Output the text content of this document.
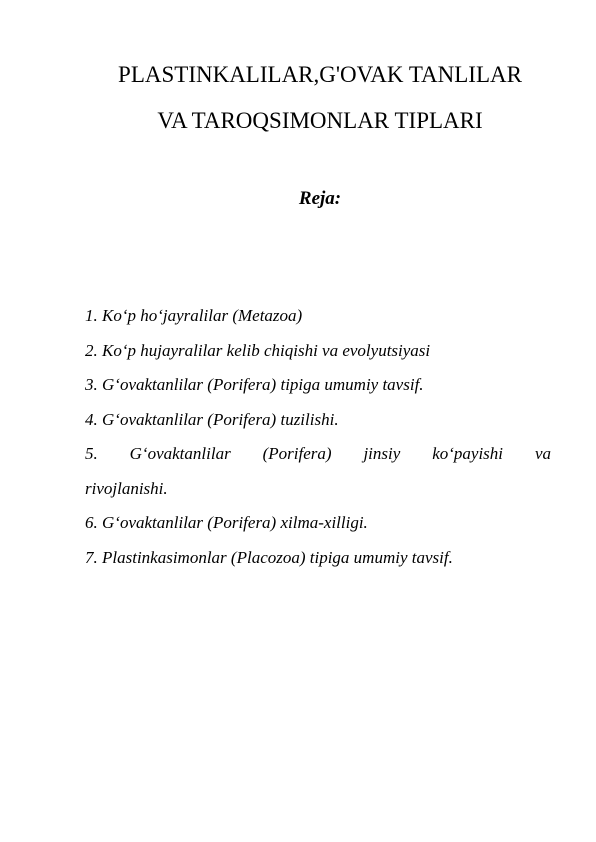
PLASTINKALILAR,G'OVAK TANLILAR
VA TAROQSIMONLAR TIPLARI
Reja:
1. Ko‘p ho‘jayralilar (Metazoa)
2. Ko‘p hujayralilar kelib chiqishi va evolyutsiyasi
3. G‘ovaktanlilar (Porifera) tipiga umumiy tavsif.
4. G‘ovaktanlilar (Porifera) tuzilishi.
5. G‘ovaktanlilar (Porifera) jinsiy ko‘payishi va
rivojlanishi.
6. G‘ovaktanlilar (Porifera) xilma-xilligi.
7. Plastinkasimonlar (Placozoa) tipiga umumiy tavsif.
